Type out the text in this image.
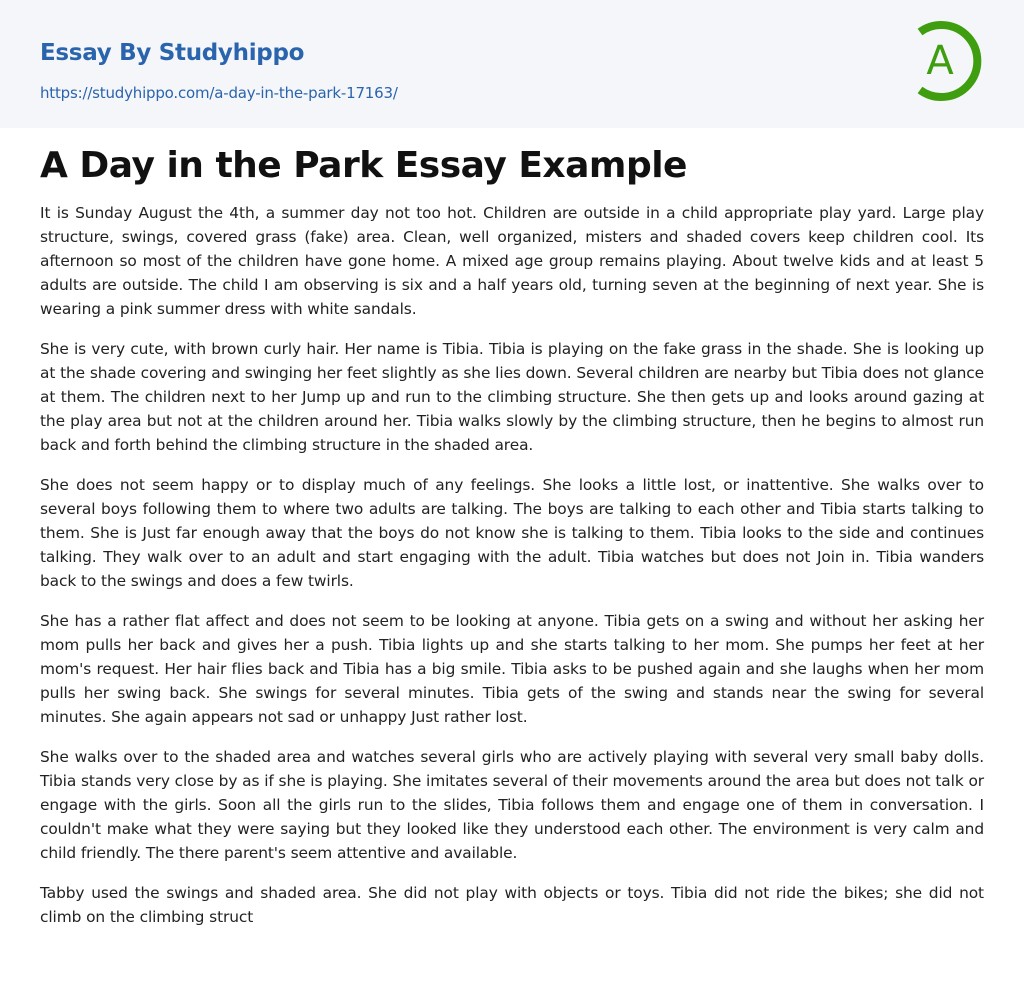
Essay By Studyhippo
https://studyhippo.com/a-day-in-the-park-17163/
A
A Day in the Park Essay Example

It is Sunday August the 4th, a summer day not too hot. Children are outside in a child appropriate play yard. Large play structure, swings, covered grass (fake) area. Clean, well organized, misters and shaded covers keep children cool. Its afternoon so most of the children have gone home. A mixed age group remains playing. About twelve kids and at least 5 adults are outside. The child I am observing is six and a half years old, turning seven at the beginning of next year. She is wearing a pink summer dress with white sandals.

She is very cute, with brown curly hair. Her name is Tibia. Tibia is playing on the fake grass in the shade. She is looking up at the shade covering and swinging her feet slightly as she lies down. Several children are nearby but Tibia does not glance at them. The children next to her Jump up and run to the climbing structure. She then gets up and looks around gazing at the play area but not at the children around her. Tibia walks slowly by the climbing structure, then he begins to almost run back and forth behind the climbing structure in the shaded area.

She does not seem happy or to display much of any feelings. She looks a little lost, or inattentive. She walks over to several boys following them to where two adults are talking. The boys are talking to each other and Tibia starts talking to them. She is Just far enough away that the boys do not know she is talking to them. Tibia looks to the side and continues talking. They walk over to an adult and start engaging with the adult. Tibia watches but does not Join in. Tibia wanders back to the swings and does a few twirls.

She has a rather flat affect and does not seem to be looking at anyone. Tibia gets on a swing and without her asking her mom pulls her back and gives her a push. Tibia lights up and she starts talking to her mom. She pumps her feet at her mom's request. Her hair flies back and Tibia has a big smile. Tibia asks to be pushed again and she laughs when her mom pulls her swing back. She swings for several minutes. Tibia gets of the swing and stands near the swing for several minutes. She again appears not sad or unhappy Just rather lost.

She walks over to the shaded area and watches several girls who are actively playing with several very small baby dolls. Tibia stands very close by as if she is playing. She imitates several of their movements around the area but does not talk or engage with the girls. Soon all the girls run to the slides, Tibia follows them and engage one of them in conversation. I couldn't make what they were saying but they looked like they understood each other. The environment is very calm and child friendly. The there parent's seem attentive and available.

Tabby used the swings and shaded area. She did not play with objects or toys. Tibia did not ride the bikes; she did not climb on the climbing struct
